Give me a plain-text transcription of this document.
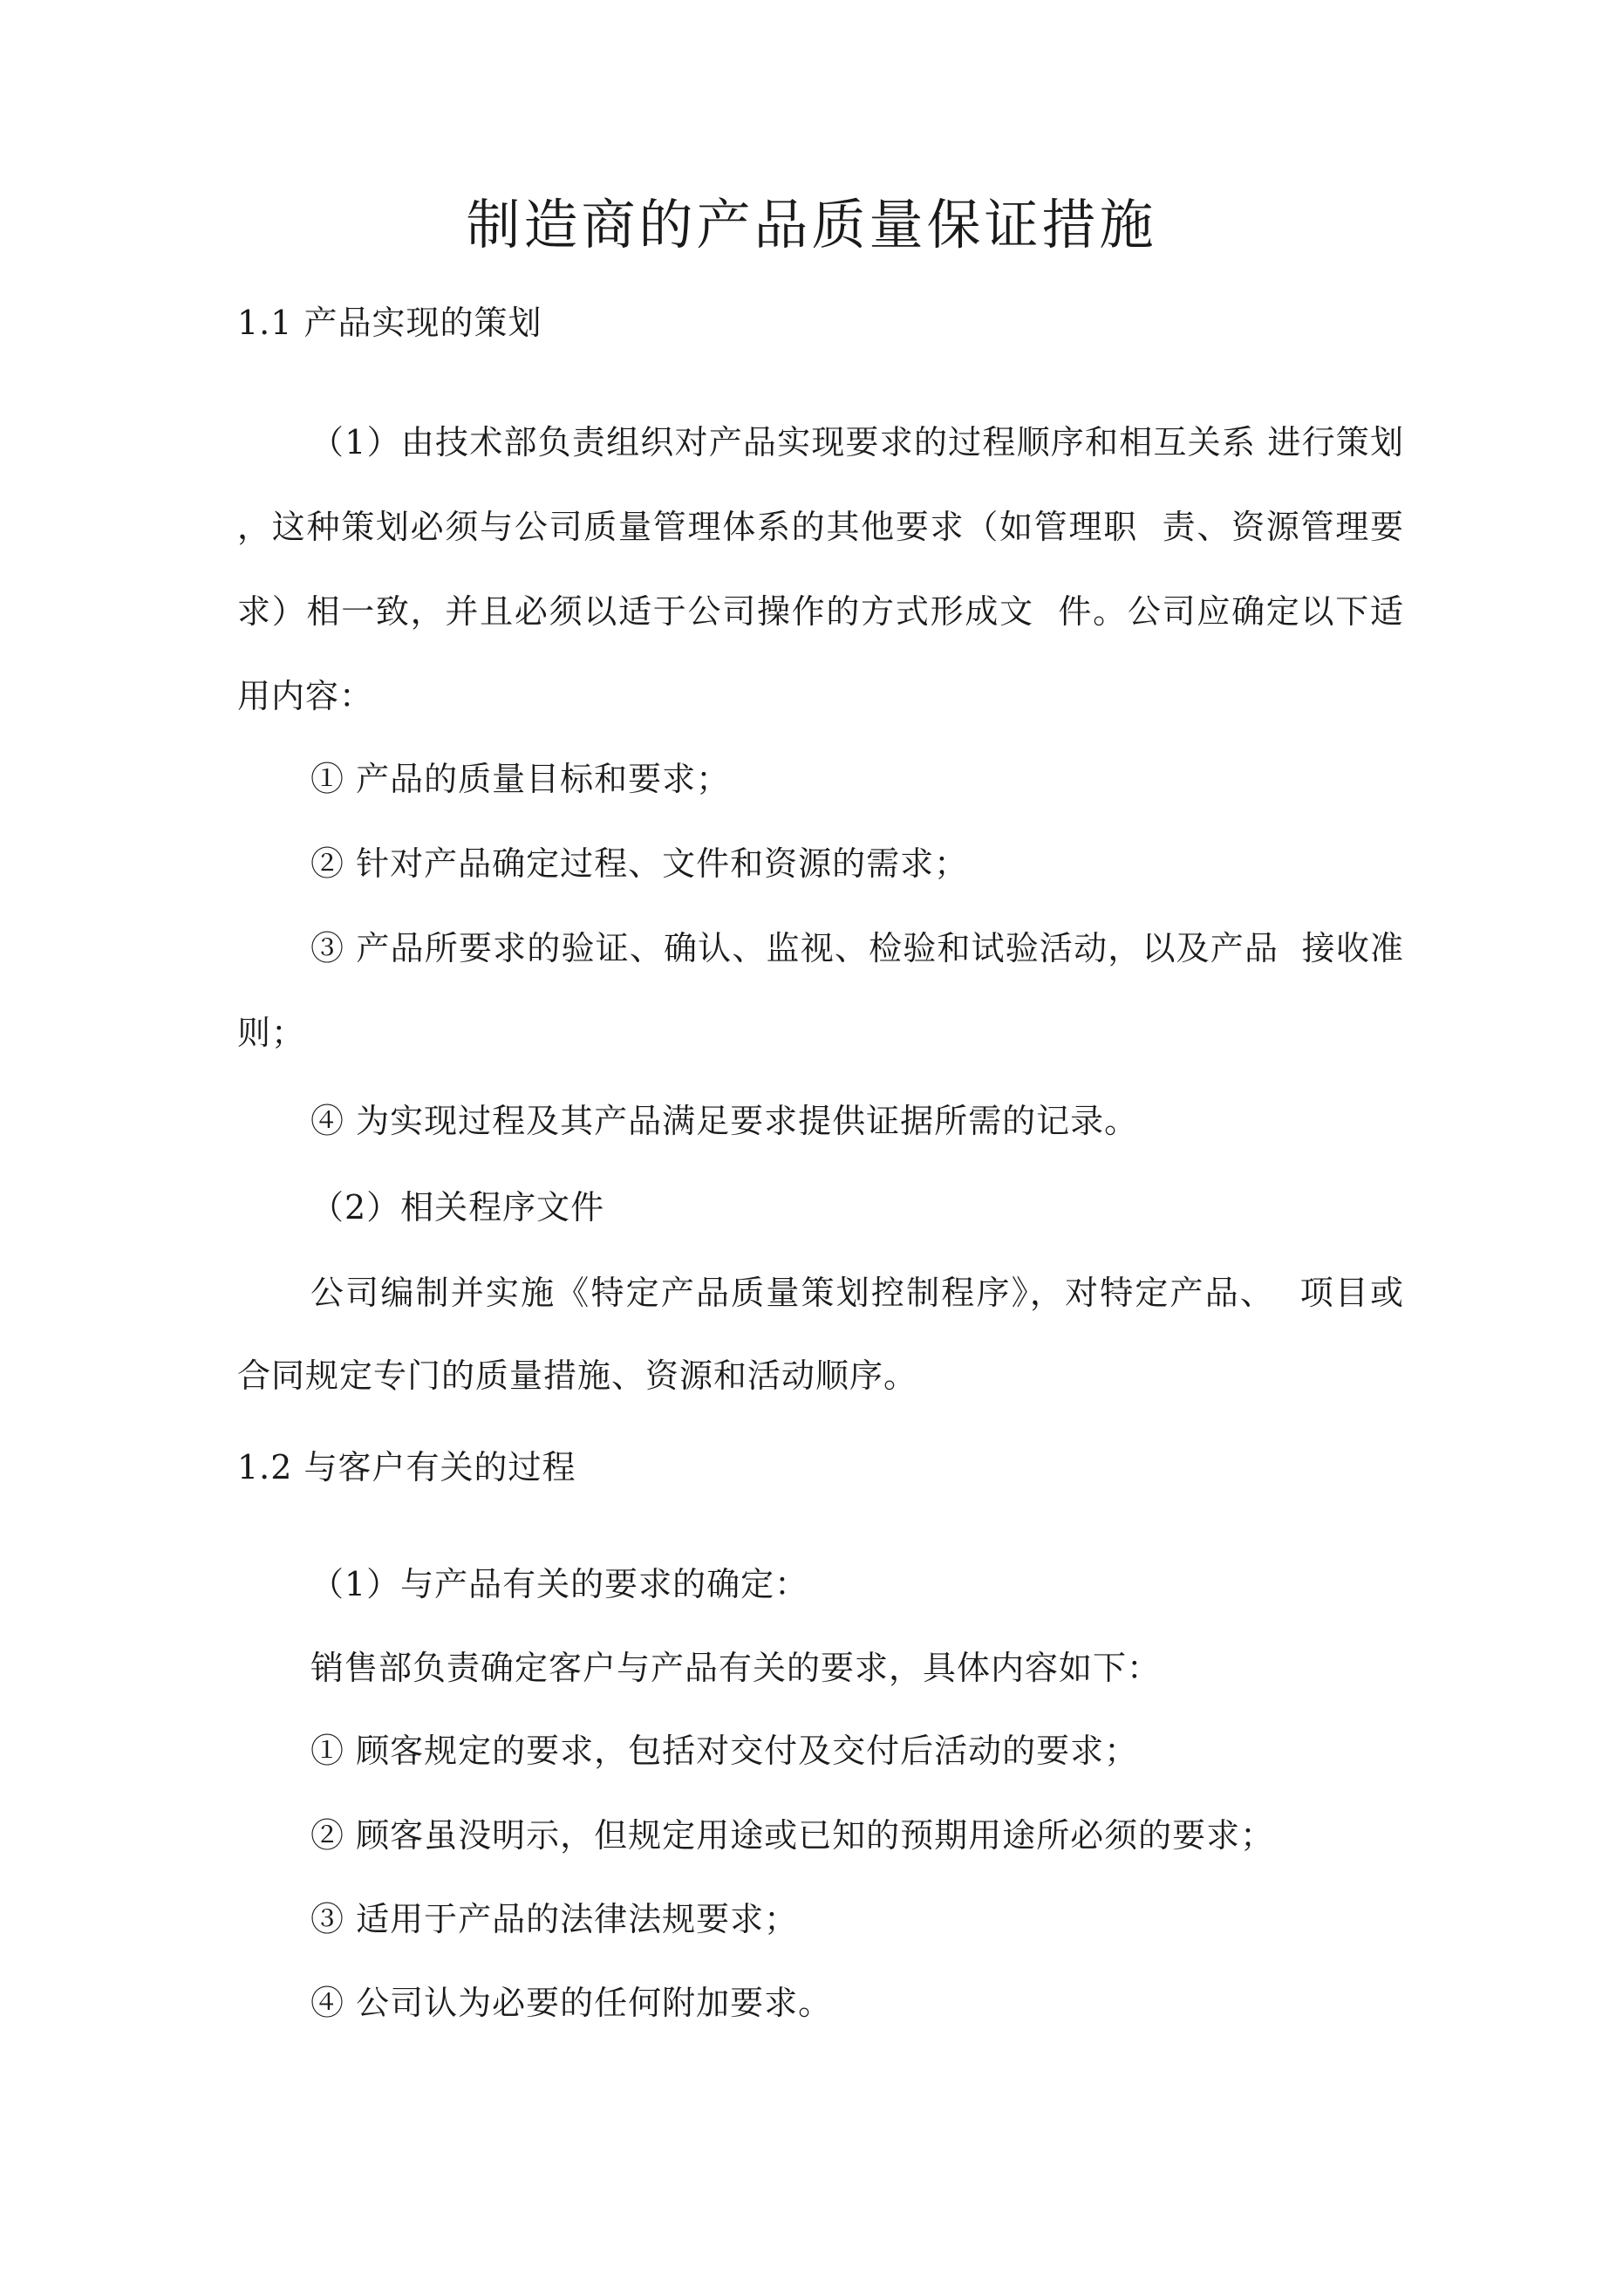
制造商的产品质量保证措施
1.1 产品实现的策划
（1）由技术部负责组织对产品实现要求的过程顺序和相互关系 进行策划
，这种策划必须与公司质量管理体系的其他要求（如管理职  责、资源管理要
求）相一致，并且必须以适于公司操作的方式形成文  件。公司应确定以下适
用内容：
① 产品的质量目标和要求；
② 针对产品确定过程、文件和资源的需求；
③ 产品所要求的验证、确认、监视、检验和试验活动，以及产品  接收准
则；
④ 为实现过程及其产品满足要求提供证据所需的记录。
（2）相关程序文件
公司编制并实施《特定产品质量策划控制程序》，对特定产品、  项目或
合同规定专门的质量措施、资源和活动顺序。
1.2 与客户有关的过程
（1）与产品有关的要求的确定：
销售部负责确定客户与产品有关的要求，具体内容如下：
① 顾客规定的要求，包括对交付及交付后活动的要求；
② 顾客虽没明示，但规定用途或已知的预期用途所必须的要求；
③ 适用于产品的法律法规要求；
④ 公司认为必要的任何附加要求。
